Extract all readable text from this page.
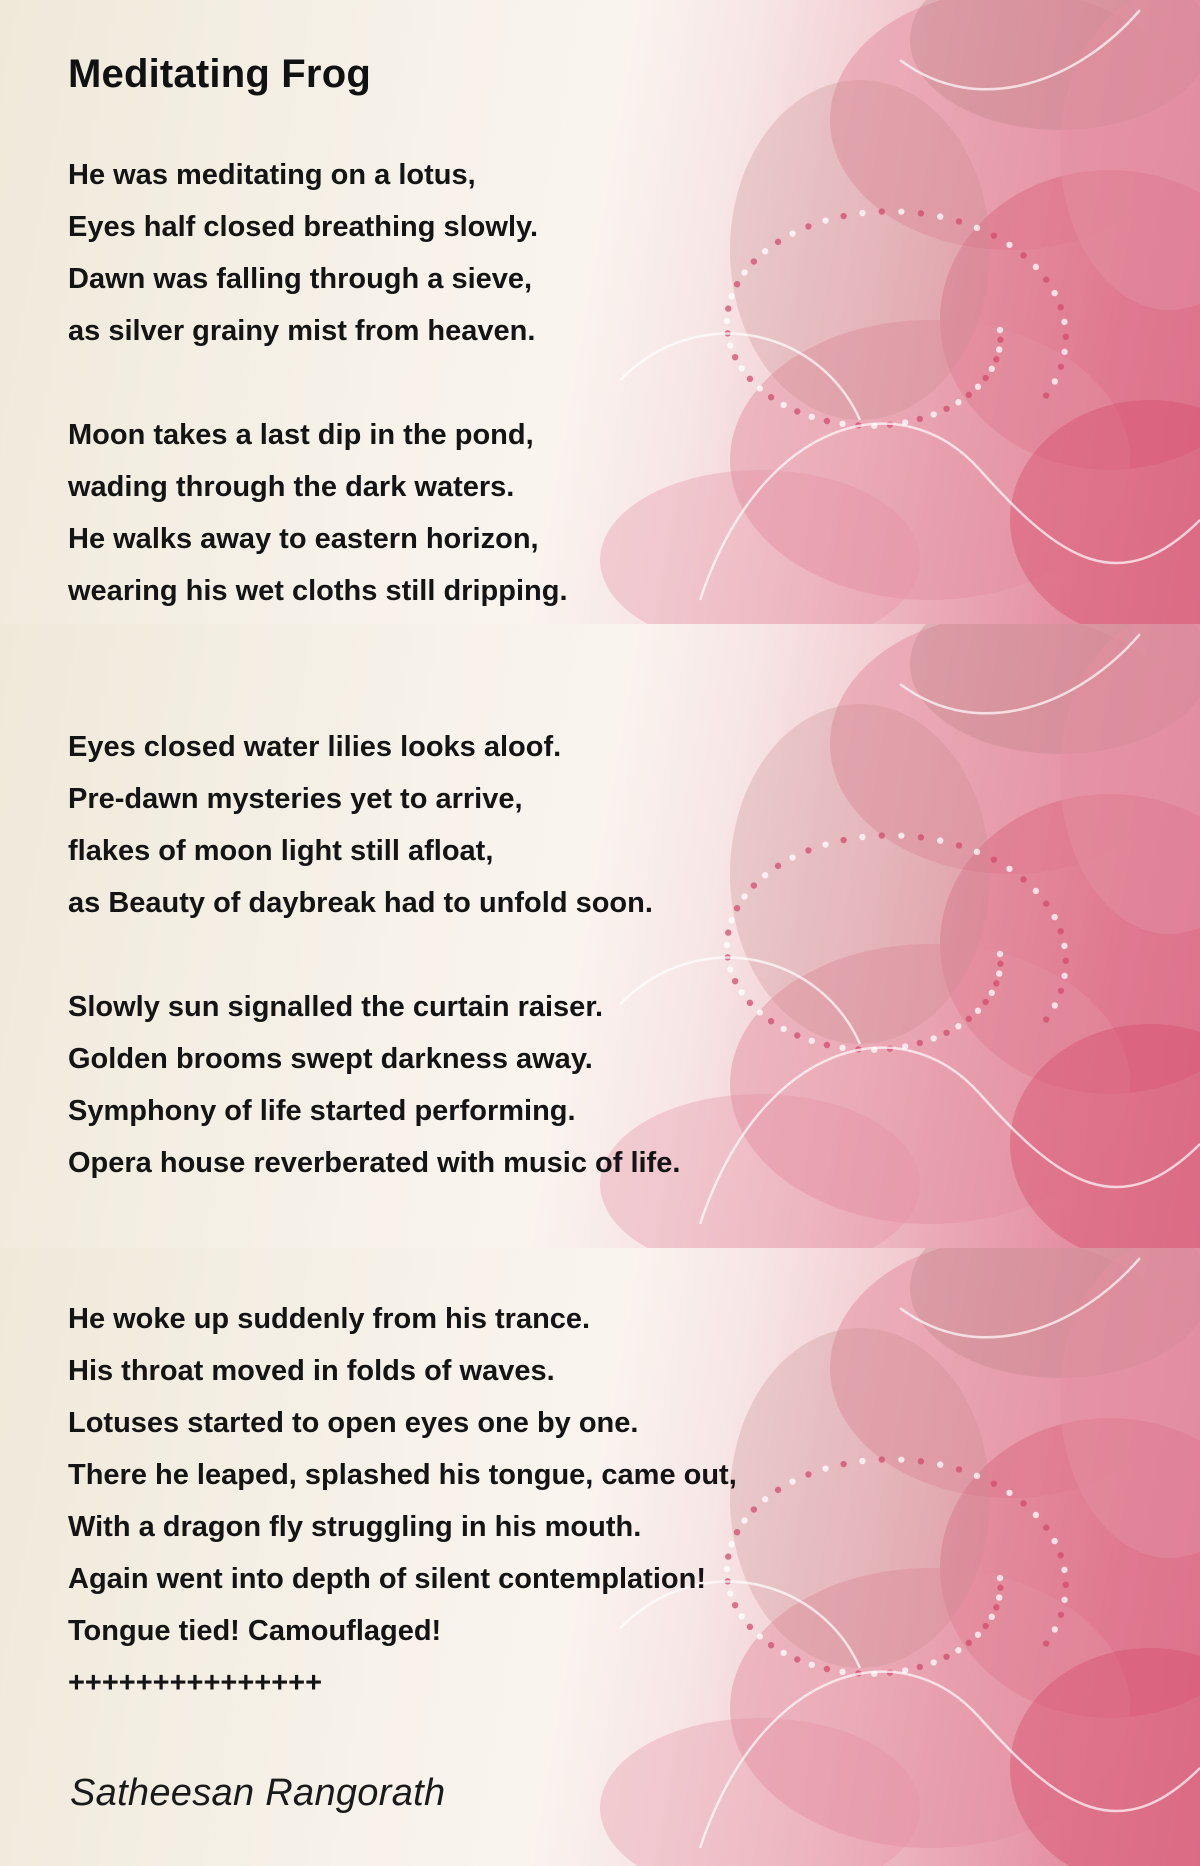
Meditating Frog

He was meditating on a lotus,

Eyes half closed breathing slowly.

Dawn was falling through a sieve,

as silver grainy mist from heaven.

Moon takes a last dip in the pond,

wading through the dark waters.

He walks away to eastern horizon,

wearing his wet cloths still dripping.

Eyes closed water lilies looks aloof.

Pre-dawn mysteries yet to arrive,

flakes of moon light still afloat,

as Beauty of daybreak had to unfold soon.

Slowly sun signalled the curtain raiser.

Golden brooms swept darkness away.

Symphony of life started performing.

Opera house reverberated with music of life.

He woke up suddenly from his trance.

His throat moved in folds of waves.

Lotuses started to open eyes one by one.

There he leaped, splashed his tongue, came out,

With a dragon fly struggling in his mouth.

Again went into depth of silent contemplation!

Tongue tied! Camouflaged!

+++++++++++++++

Satheesan Rangorath
